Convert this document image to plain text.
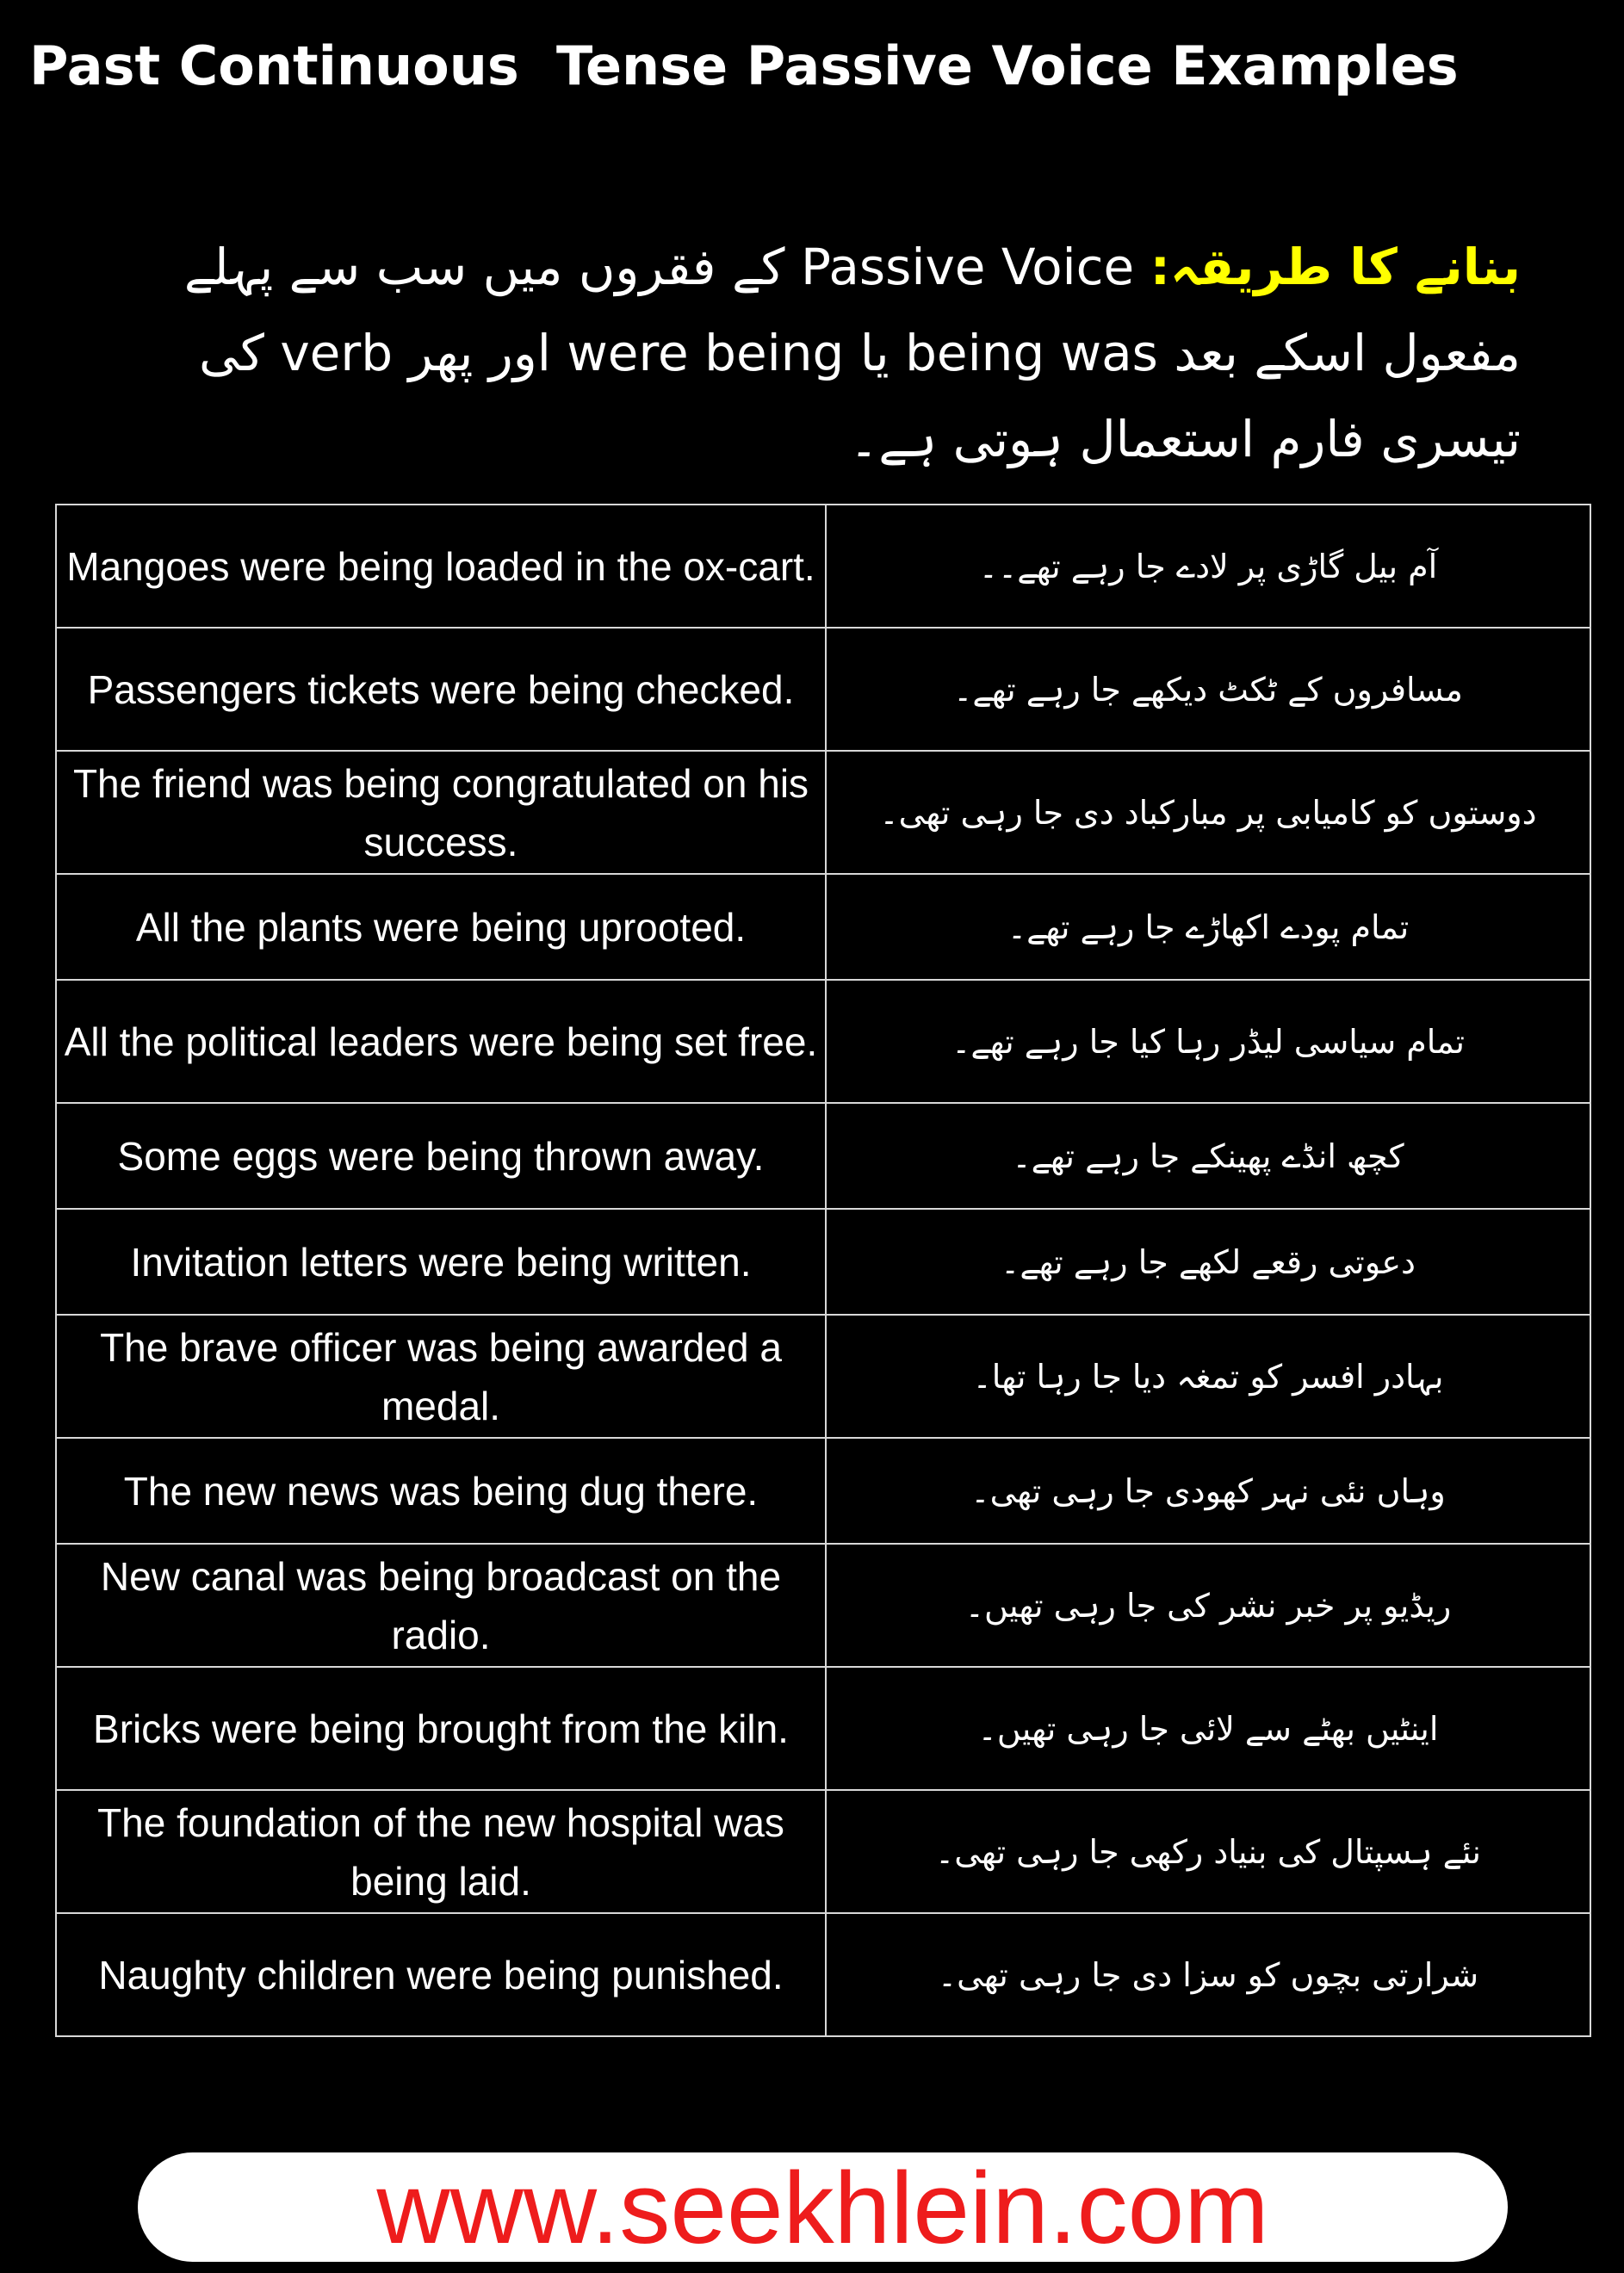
Past Continuous  Tense Passive Voice Examples
بنانے کا طریقہ: Passive Voice کے فقروں میں سب سے پہلے مفعول اسکے بعد being was یا were being اور پھر verb کی تیسری فارم استعمال ہوتی ہے۔
Mangoes were being loaded in the ox-cart.	آم بیل گاڑی پر لادے جا رہے تھے۔۔
Passengers tickets were being checked.	مسافروں کے ٹکٹ دیکھے جا رہے تھے۔
The friend was being congratulated on his success.	دوستوں کو کامیابی پر مبارکباد دی جا رہی تھی۔
All the plants were being uprooted.	تمام پودے اکھاڑے جا رہے تھے۔
All the political leaders were being set free.	تمام سیاسی لیڈر رہا کیا جا رہے تھے۔
Some eggs were being thrown away.	کچھ انڈے پھینکے جا رہے تھے۔
Invitation letters were being written.	دعوتی رقعے لکھے جا رہے تھے۔
The brave officer was being awarded a medal.	بہادر افسر کو تمغہ دیا جا رہا تھا۔
The new news was being dug there.	وہاں نئی نہر کھودی جا رہی تھی۔
New canal was being broadcast on the radio.	ریڈیو پر خبر نشر کی جا رہی تھیں۔
Bricks were being brought from the kiln.	اینٹیں بھٹے سے لائی جا رہی تھیں۔
The foundation of the new hospital was being laid.	نئے ہسپتال کی بنیاد رکھی جا رہی تھی۔
Naughty children were being punished.	شرارتی بچوں کو سزا دی جا رہی تھی۔
www.seekhlein.com
